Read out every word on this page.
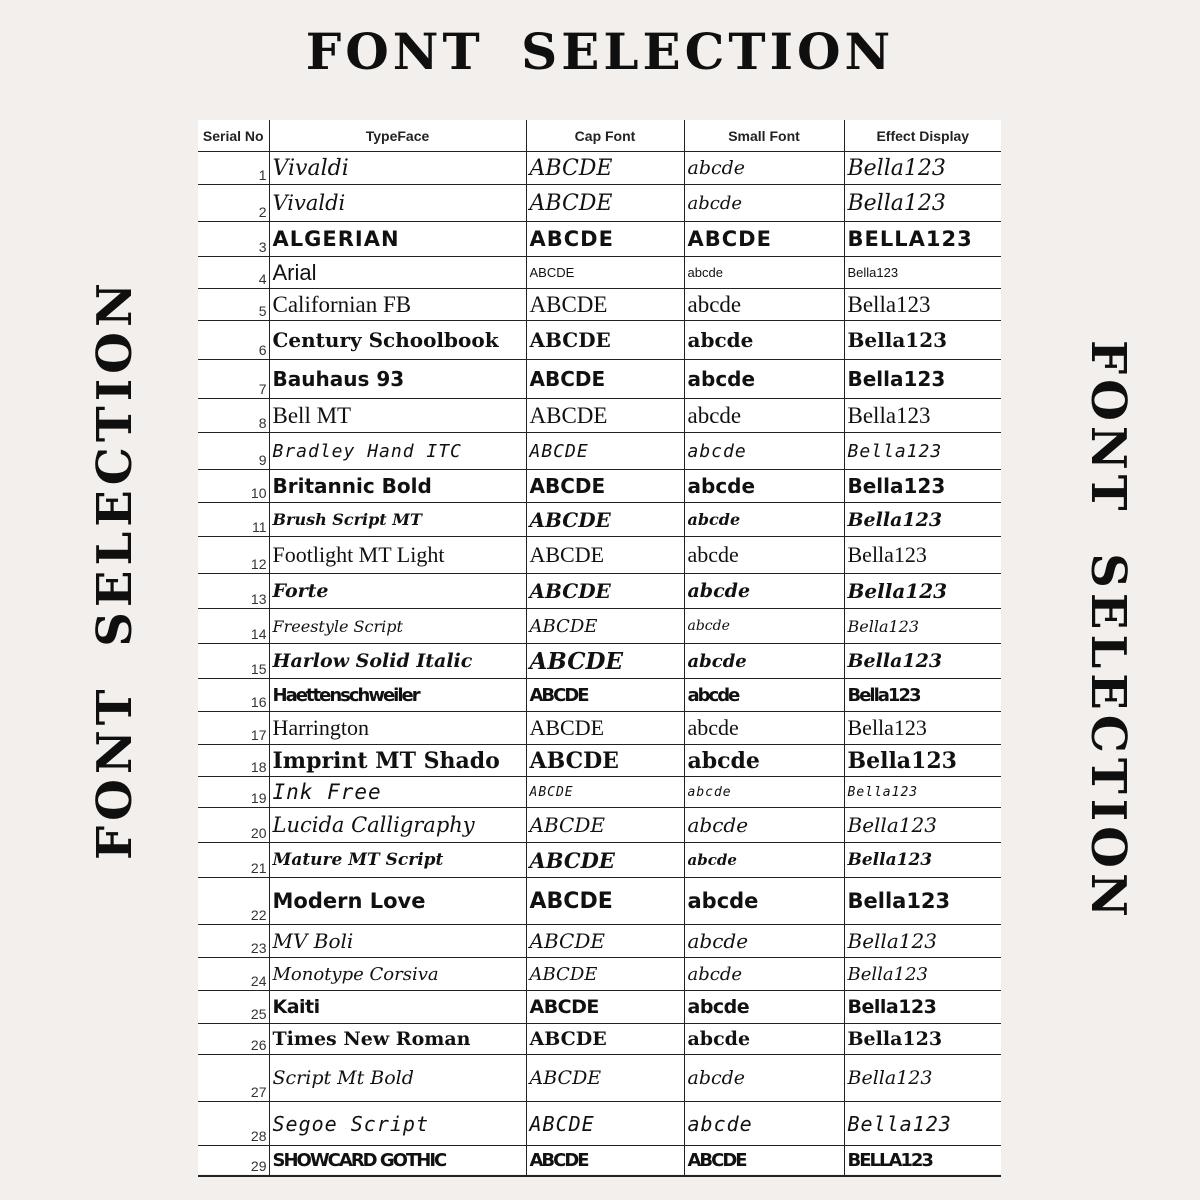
FONT SELECTION
FONT SELECTION	FONT SELECTION
Serial No	TypeFace	Cap Font	Small Font	Effect Display
1	Vivaldi	ABCDE	abcde	Bella123
2	Vivaldi	ABCDE	abcde	Bella123
3	ALGERIAN	ABCDE	ABCDE	BELLA123
4	Arial	ABCDE	abcde	Bella123
5	Californian FB	ABCDE	abcde	Bella123
6	Century Schoolbook	ABCDE	abcde	Bella123
7	Bauhaus 93	ABCDE	abcde	Bella123
8	Bell MT	ABCDE	abcde	Bella123
9	Bradley Hand ITC	ABCDE	abcde	Bella123
10	Britannic Bold	ABCDE	abcde	Bella123
11	Brush Script MT	ABCDE	abcde	Bella123
12	Footlight MT Light	ABCDE	abcde	Bella123
13	Forte	ABCDE	abcde	Bella123
14	Freestyle Script	ABCDE	abcde	Bella123
15	Harlow Solid Italic	ABCDE	abcde	Bella123
16	Haettenschweiler	ABCDE	abcde	Bella123
17	Harrington	ABCDE	abcde	Bella123
18	Imprint MT Shado	ABCDE	abcde	Bella123
19	Ink Free	ABCDE	abcde	Bella123
20	Lucida Calligraphy	ABCDE	abcde	Bella123
21	Mature MT Script	ABCDE	abcde	Bella123
22	Modern Love	ABCDE	abcde	Bella123
23	MV Boli	ABCDE	abcde	Bella123
24	Monotype Corsiva	ABCDE	abcde	Bella123
25	Kaiti	ABCDE	abcde	Bella123
26	Times New Roman	ABCDE	abcde	Bella123
27	Script Mt Bold	ABCDE	abcde	Bella123
28	Segoe Script	ABCDE	abcde	Bella123
29	SHOWCARD GOTHIC	ABCDE	ABCDE	BELLA123
